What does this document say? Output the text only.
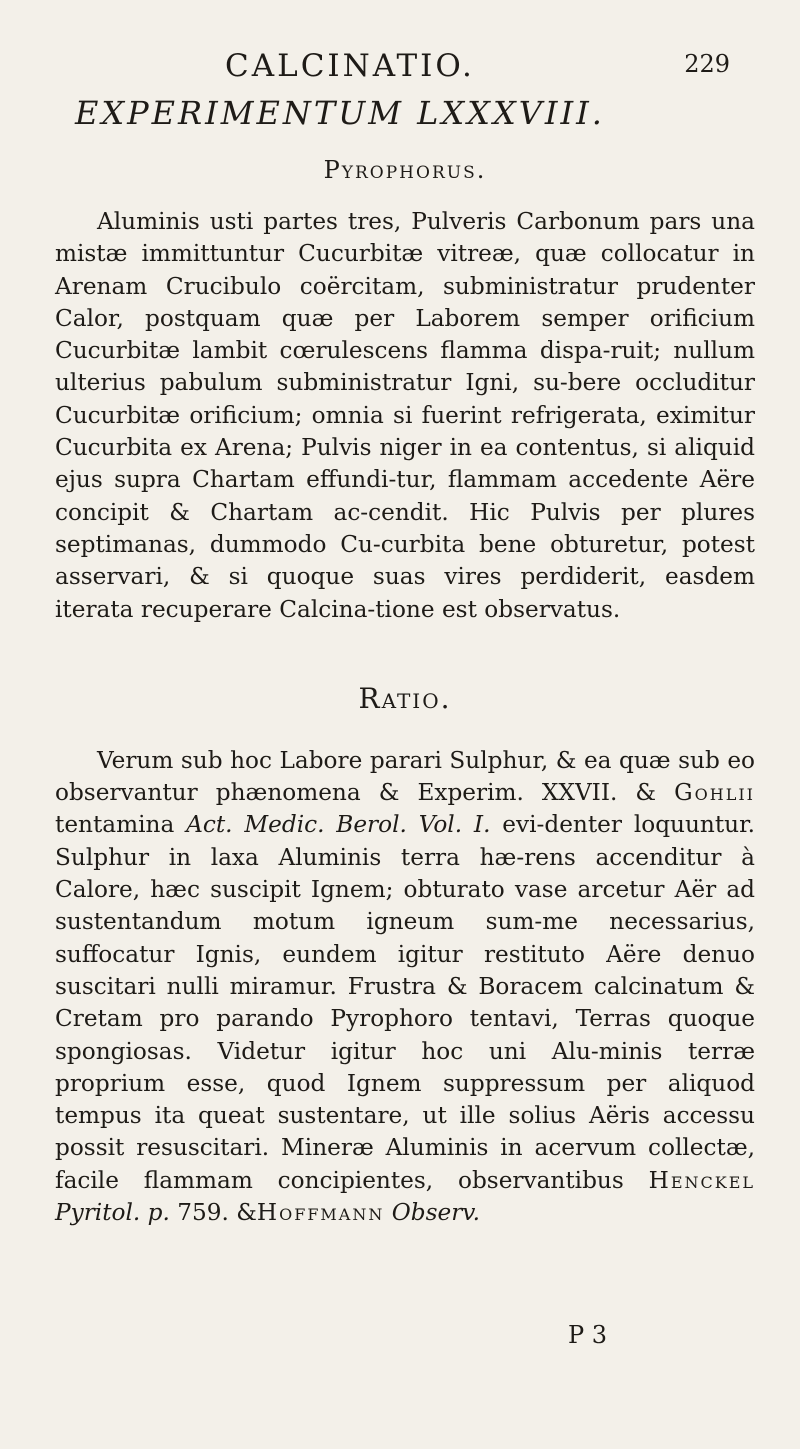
CALCINATIO.	229
EXPERIMENTUM LXXXVIII.
Pyrophorus.

Aluminis usti partes tres, Pulveris Carbonum pars una mistæ immittuntur Cucurbitæ vitreæ, quæ collocatur in Arenam Crucibulo coërcitam, subministratur prudenter Calor, postquam quæ per Laborem semper orificium Cucurbitæ lambit cœrulescens flamma dispa-ruit; nullum ulterius pabulum subministratur Igni, su-bere occluditur Cucurbitæ orificium; omnia si fuerint refrigerata, eximitur Cucurbita ex Arena; Pulvis niger in ea contentus, si aliquid ejus supra Chartam effundi-tur, flammam accedente Aëre concipit & Chartam ac-cendit. Hic Pulvis per plures septimanas, dummodo Cu-curbita bene obturetur, potest asservari, & si quoque suas vires perdiderit, easdem iterata recuperare Calcina-tione est observatus.

Ratio.

Verum sub hoc Labore parari Sulphur, & ea quæ sub eo observantur phænomena & Experim. XXVII. & Gohlii tentamina Act. Medic. Berol. Vol. I. evi-denter loquuntur. Sulphur in laxa Aluminis terra hæ-rens accenditur à Calore, hæc suscipit Ignem; obturato vase arcetur Aër ad sustentandum motum igneum sum-me necessarius, suffocatur Ignis, eundem igitur restituto Aëre denuo suscitari nulli miramur. Frustra & Boracem calcinatum & Cretam pro parando Pyrophoro tentavi, Terras quoque spongiosas. Videtur igitur hoc uni Alu-minis terræ proprium esse, quod Ignem suppressum per aliquod tempus ita queat sustentare, ut ille solius Aëris accessu possit resuscitari. Mineræ Aluminis in acervum collectæ, facile flammam concipientes, observantibus Henckel Pyritol. p. 759. &Hoffmann Observ.

P 3
